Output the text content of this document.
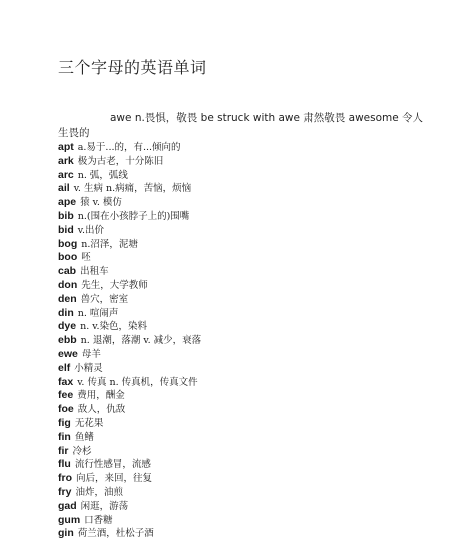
三个字母的英语单词
awe n.畏惧，敬畏 be struck with awe 肃然敬畏 awesome 令人生畏的
apt a.易于...的，有...倾向的
ark 极为古老，十分陈旧
arc n. 弧，弧线
ail v. 生病 n.病痛，苦恼，烦恼
ape 猿 v. 模仿
bib n.(围在小孩脖子上的)围嘴
bid v.出价
bog n.沼泽，泥塘
boo 呸
cab 出租车
don 先生，大学教师
den 兽穴，密室
din n. 喧闹声
dye n. v.染色，染料
ebb n. 退潮，落潮 v. 减少，衰落
ewe 母羊
elf 小精灵
fax v. 传真 n. 传真机，传真文件
fee 费用，酬金
foe 敌人，仇敌
fig 无花果
fin 鱼鳍
fir 冷杉
flu 流行性感冒，流感
fro 向后，来回，往复
fry 油炸，油煎
gad 闲逛，游荡
gum 口香糖
gin 荷兰酒，杜松子酒
